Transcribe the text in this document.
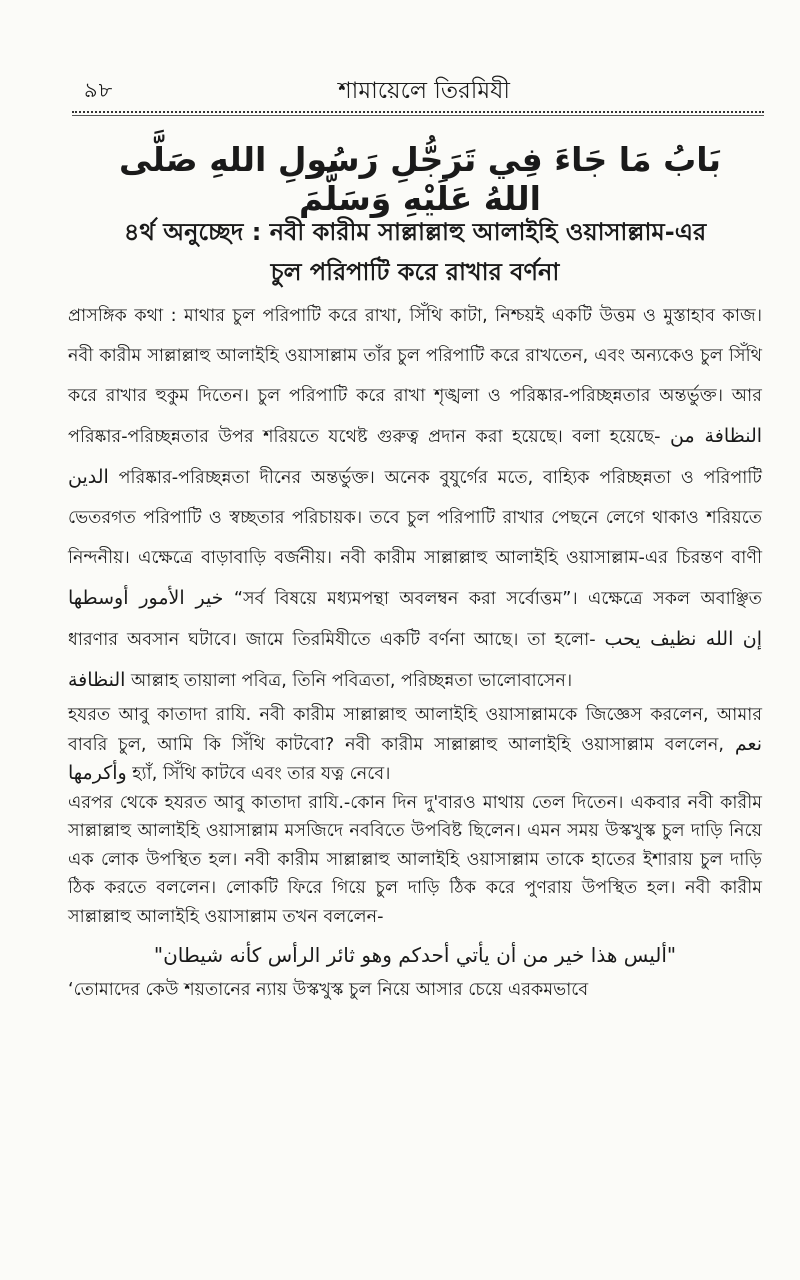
৯৮	শামায়েলে তিরমিযী
بَابُ مَا جَاءَ فِي تَرَجُّلِ رَسُولِ اللهِ صَلَّى اللهُ عَلَيْهِ وَسَلَّمَ
৪র্থ অনুচ্ছেদ : নবী কারীম সাল্লাল্লাহু আলাইহি ওয়াসাল্লাম-এর
চুল পরিপাটি করে রাখার বর্ণনা

প্রাসঙ্গিক কথা : মাথার চুল পরিপাটি করে রাখা, সিঁথি কাটা, নিশ্চয়ই একটি উত্তম ও মুস্তাহাব কাজ। নবী কারীম সাল্লাল্লাহু আলাইহি ওয়াসাল্লাম তাঁর চুল পরিপাটি করে রাখতেন, এবং অন্যকেও চুল সিঁথি করে রাখার হুকুম দিতেন। চুল পরিপাটি করে রাখা শৃঙ্খলা ও পরিষ্কার-পরিচ্ছন্নতার অন্তর্ভুক্ত। আর পরিষ্কার-পরিচ্ছন্নতার উপর শরিয়তে যথেষ্ট গুরুত্ব প্রদান করা হয়েছে। বলা হয়েছে- النظافة من الدين পরিষ্কার-পরিচ্ছন্নতা দীনের অন্তর্ভুক্ত। অনেক বুযুর্গের মতে, বাহ্যিক পরিচ্ছন্নতা ও পরিপাটি ভেতরগত পরিপাটি ও স্বচ্ছতার পরিচায়ক। তবে চুল পরিপাটি রাখার পেছনে লেগে থাকাও শরিয়তে নিন্দনীয়। এক্ষেত্রে বাড়াবাড়ি বর্জনীয়। নবী কারীম সাল্লাল্লাহু আলাইহি ওয়াসাল্লাম-এর চিরন্তণ বাণী خير الأمور أوسطها “সর্ব বিষয়ে মধ্যমপন্থা অবলম্বন করা সর্বোত্তম”। এক্ষেত্রে সকল অবাঞ্ছিত ধারণার অবসান ঘটাবে। জামে তিরমিযীতে একটি বর্ণনা আছে। তা হলো- إن الله نظيف يحب النظافة আল্লাহ তায়ালা পবিত্র, তিনি পবিত্রতা, পরিচ্ছন্নতা ভালোবাসেন।

হযরত আবু কাতাদা রাযি. নবী কারীম সাল্লাল্লাহু আলাইহি ওয়াসাল্লামকে জিজ্ঞেস করলেন, আমার বাবরি চুল, আমি কি সিঁথি কাটবো? নবী কারীম সাল্লাল্লাহু আলাইহি ওয়াসাল্লাম বললেন, نعم وأكرمها হ্যাঁ, সিঁথি কাটবে এবং তার যত্ন নেবে।

এরপর থেকে হযরত আবু কাতাদা রাযি.-কোন দিন দু'বারও মাথায় তেল দিতেন। একবার নবী কারীম সাল্লাল্লাহু আলাইহি ওয়াসাল্লাম মসজিদে নববিতে উপবিষ্ট ছিলেন। এমন সময় উস্কখুস্ক চুল দাড়ি নিয়ে এক লোক উপস্থিত হল। নবী কারীম সাল্লাল্লাহু আলাইহি ওয়াসাল্লাম তাকে হাতের ইশারায় চুল দাড়ি ঠিক করতে বললেন। লোকটি ফিরে গিয়ে চুল দাড়ি ঠিক করে পুণরায় উপস্থিত হল। নবী কারীম সাল্লাল্লাহু আলাইহি ওয়াসাল্লাম তখন বললেন-

"أليس هذا خير من أن يأتي أحدكم وهو ثائر الرأس كأنه شيطان"

‘তোমাদের কেউ শয়তানের ন্যায় উস্কখুস্ক চুল নিয়ে আসার চেয়ে এরকমভাবে
